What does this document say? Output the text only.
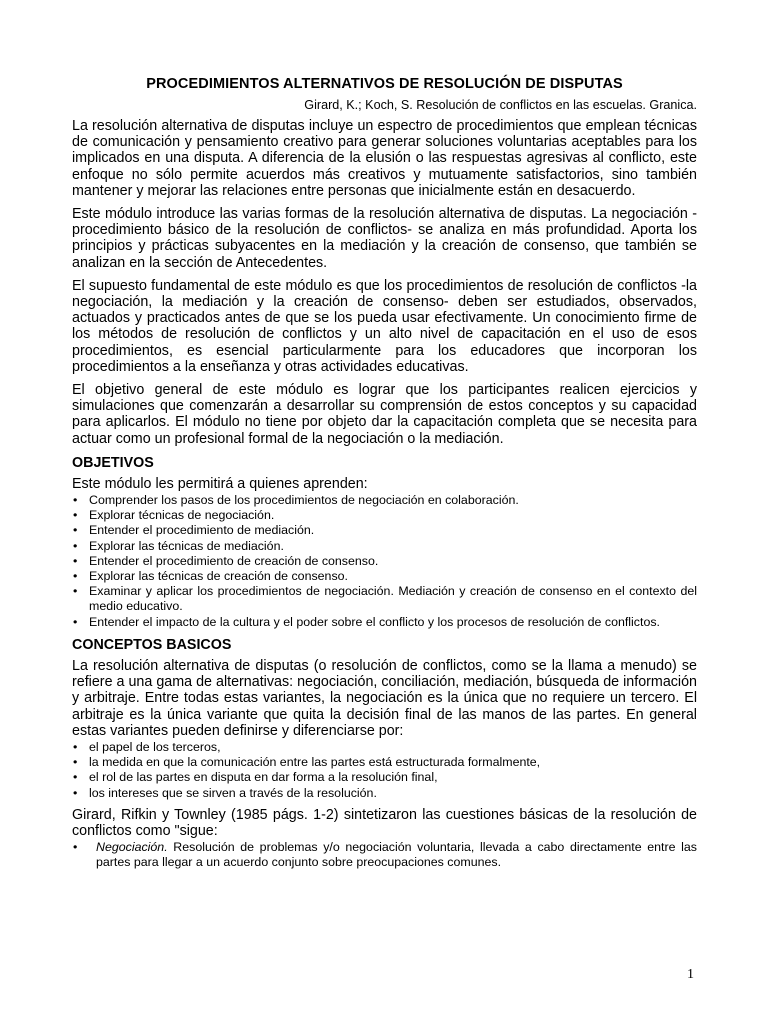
PROCEDIMIENTOS ALTERNATIVOS DE RESOLUCIÓN DE DISPUTAS
Girard, K.; Koch, S. Resolución de conflictos en las escuelas. Granica.
La resolución alternativa de disputas incluye un espectro de procedimientos que emplean técnicas de comunicación y pensamiento creativo para generar soluciones voluntarias aceptables para los implicados en una disputa. A diferencia de la elusión o las respuestas agresivas al conflicto, este enfoque no sólo permite acuerdos más creativos y mutuamente satisfactorios, sino también mantener y mejorar las relaciones entre personas que inicialmente están en desacuerdo.
Este módulo introduce las varias formas de la resolución alternativa de disputas. La negociación -procedimiento básico de la resolución de conflictos- se analiza en más profundidad. Aporta los principios y prácticas subyacentes en la mediación y la creación de consenso, que también se analizan en la sección de Antecedentes.
El supuesto fundamental de este módulo es que los procedimientos de resolución de conflictos -la negociación, la mediación y la creación de consenso- deben ser estudiados, observados, actuados y practicados antes de que se los pueda usar efectivamente. Un conocimiento firme de los métodos de resolución de conflictos y un alto nivel de capacitación en el uso de esos procedimientos, es esencial particularmente para los educadores que incorporan los procedimientos a la enseñanza y otras actividades educativas.
El objetivo general de este módulo es lograr que los participantes realicen ejercicios y simulaciones que comenzarán a desarrollar su comprensión de estos conceptos y su capacidad para aplicarlos. El módulo no tiene por objeto dar la capacitación completa que se necesita para actuar como un profesional formal de la negociación o la mediación.
OBJETIVOS
Este módulo les permitirá a quienes aprenden:
• Comprender los pasos de los procedimientos de negociación en colaboración.
• Explorar técnicas de negociación.
• Entender el procedimiento de mediación.
• Explorar las técnicas de mediación.
• Entender el procedimiento de creación de consenso.
• Explorar las técnicas de creación de consenso.
• Examinar y aplicar los procedimientos de negociación. Mediación y creación de consenso en el contexto del medio educativo.
• Entender el impacto de la cultura y el poder sobre el conflicto y los procesos de resolución de conflictos.
CONCEPTOS BASICOS
La resolución alternativa de disputas (o resolución de conflictos, como se la llama a menudo) se refiere a una gama de alternativas: negociación, conciliación, mediación, búsqueda de información y arbitraje. Entre todas estas variantes, la negociación es la única que no requiere un tercero. El arbitraje es la única variante que quita la decisión final de las manos de las partes. En general estas variantes pueden definirse y diferenciarse por:
• el papel de los terceros,
• la medida en que la comunicación entre las partes está estructurada formalmente,
• el rol de las partes en disputa en dar forma a la resolución final,
• los intereses que se sirven a través de la resolución.
Girard, Rifkin y Townley (1985 págs. 1-2) sintetizaron las cuestiones básicas de la resolución de conflictos como "sigue:
• Negociación. Resolución de problemas y/o negociación voluntaria, llevada a cabo directamente entre las partes para llegar a un acuerdo conjunto sobre preocupaciones comunes.
1
